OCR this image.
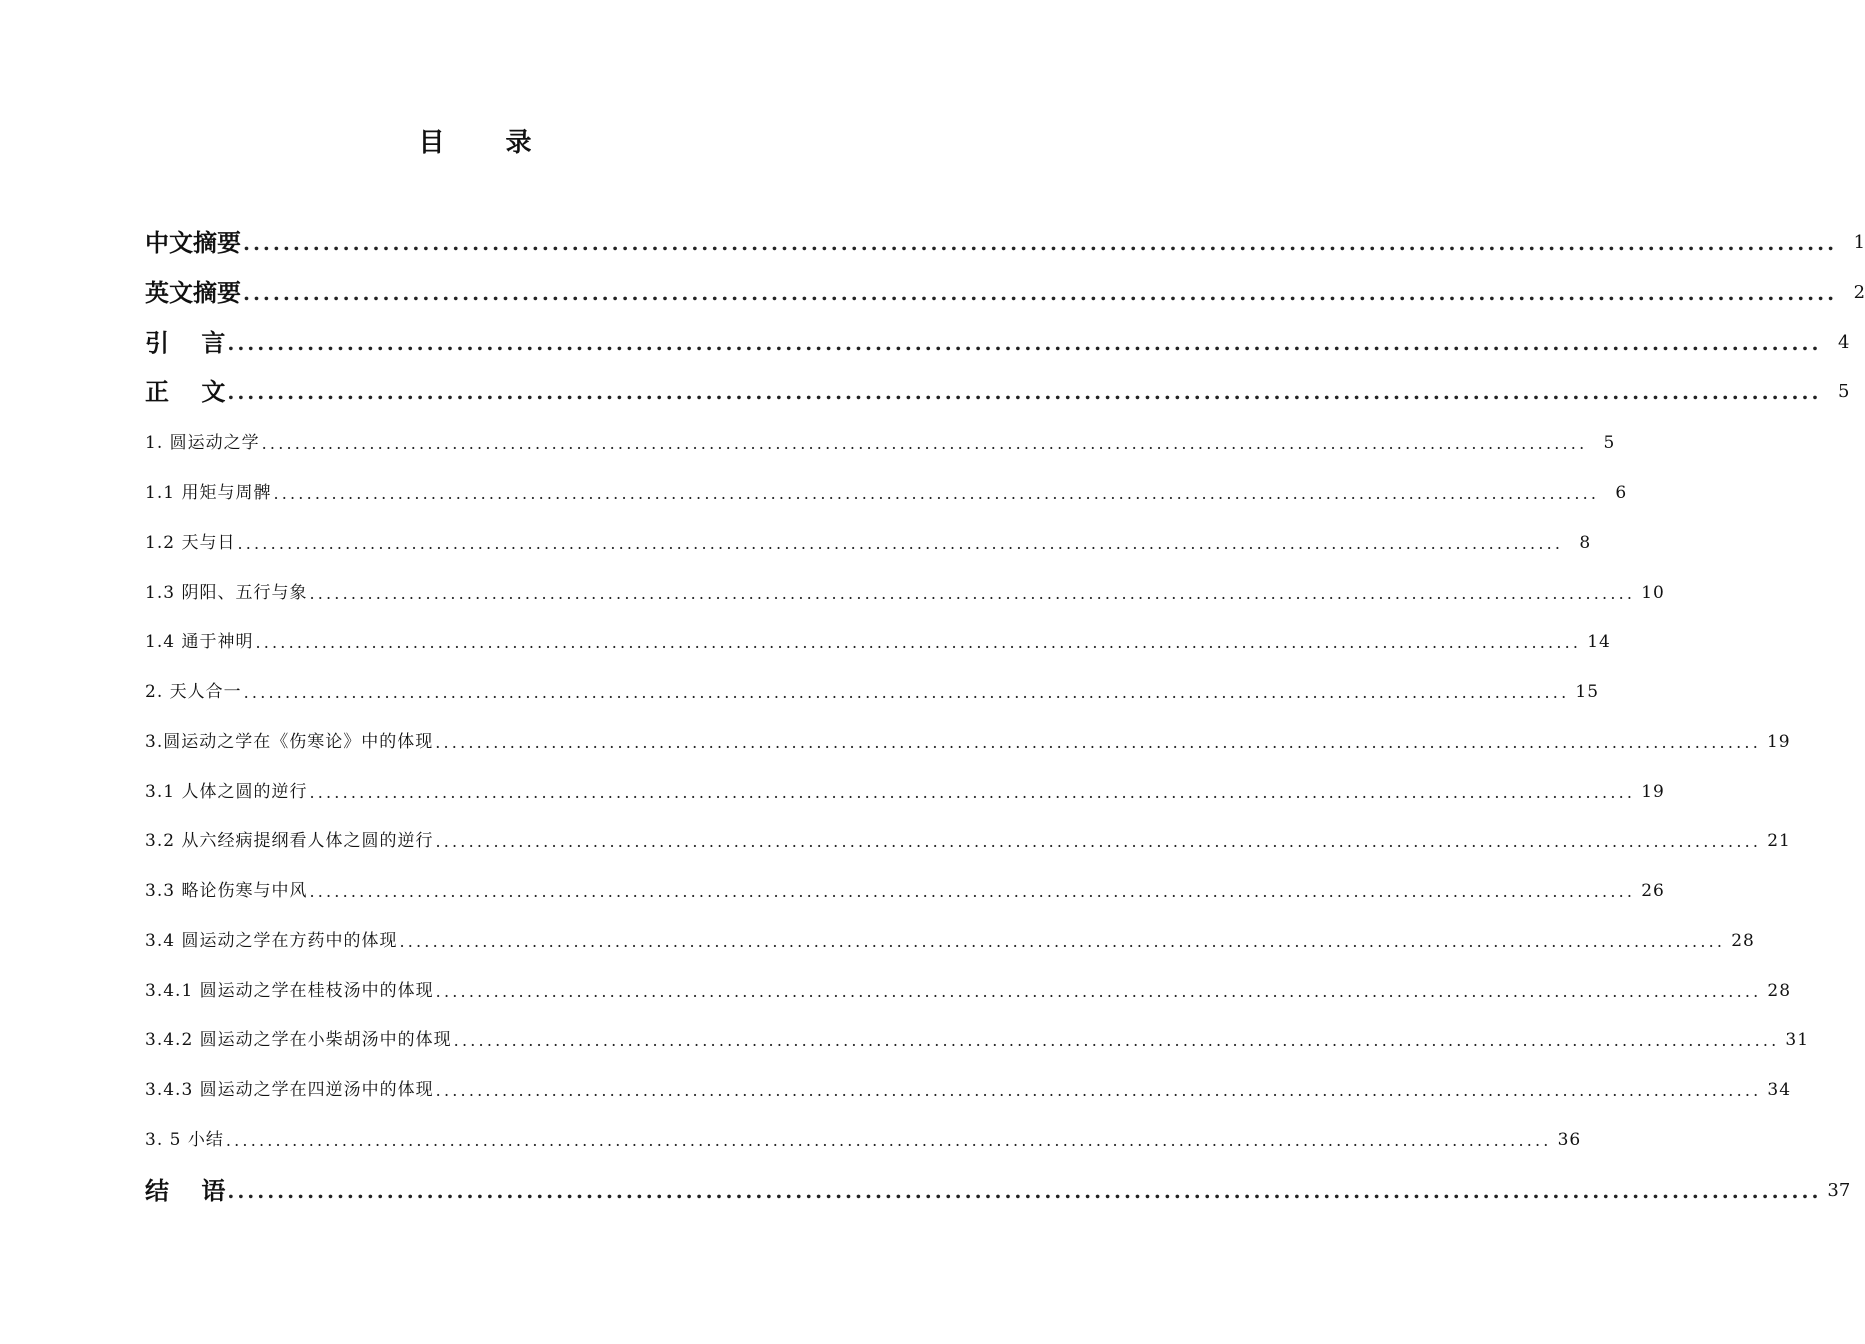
目 录
中文摘要 ................................................................................................................................................................ 1
英文摘要 ................................................................................................................................................................ 2
引　 言 ................................................................................................................................................................ 4
正　 文 ................................................................................................................................................................ 5
1. 圆运动之学 ................................................................................................................................................................ 5
1.1 用矩与周髀 ................................................................................................................................................................ 6
1.2 天与日 ................................................................................................................................................................ 8
1.3 阴阳、五行与象 ................................................................................................................................................................ 10
1.4 通于神明 ................................................................................................................................................................ 14
2. 天人合一 ................................................................................................................................................................ 15
3.圆运动之学在《伤寒论》中的体现 ................................................................................................................................................................ 19
3.1 人体之圆的逆行 ................................................................................................................................................................ 19
3.2 从六经病提纲看人体之圆的逆行 ................................................................................................................................................................ 21
3.3 略论伤寒与中风 ................................................................................................................................................................ 26
3.4 圆运动之学在方药中的体现 ................................................................................................................................................................ 28
3.4.1 圆运动之学在桂枝汤中的体现 ................................................................................................................................................................ 28
3.4.2 圆运动之学在小柴胡汤中的体现 ................................................................................................................................................................ 31
3.4.3 圆运动之学在四逆汤中的体现 ................................................................................................................................................................ 34
3. 5 小结 ................................................................................................................................................................ 36
结　 语 ................................................................................................................................................................ 37
